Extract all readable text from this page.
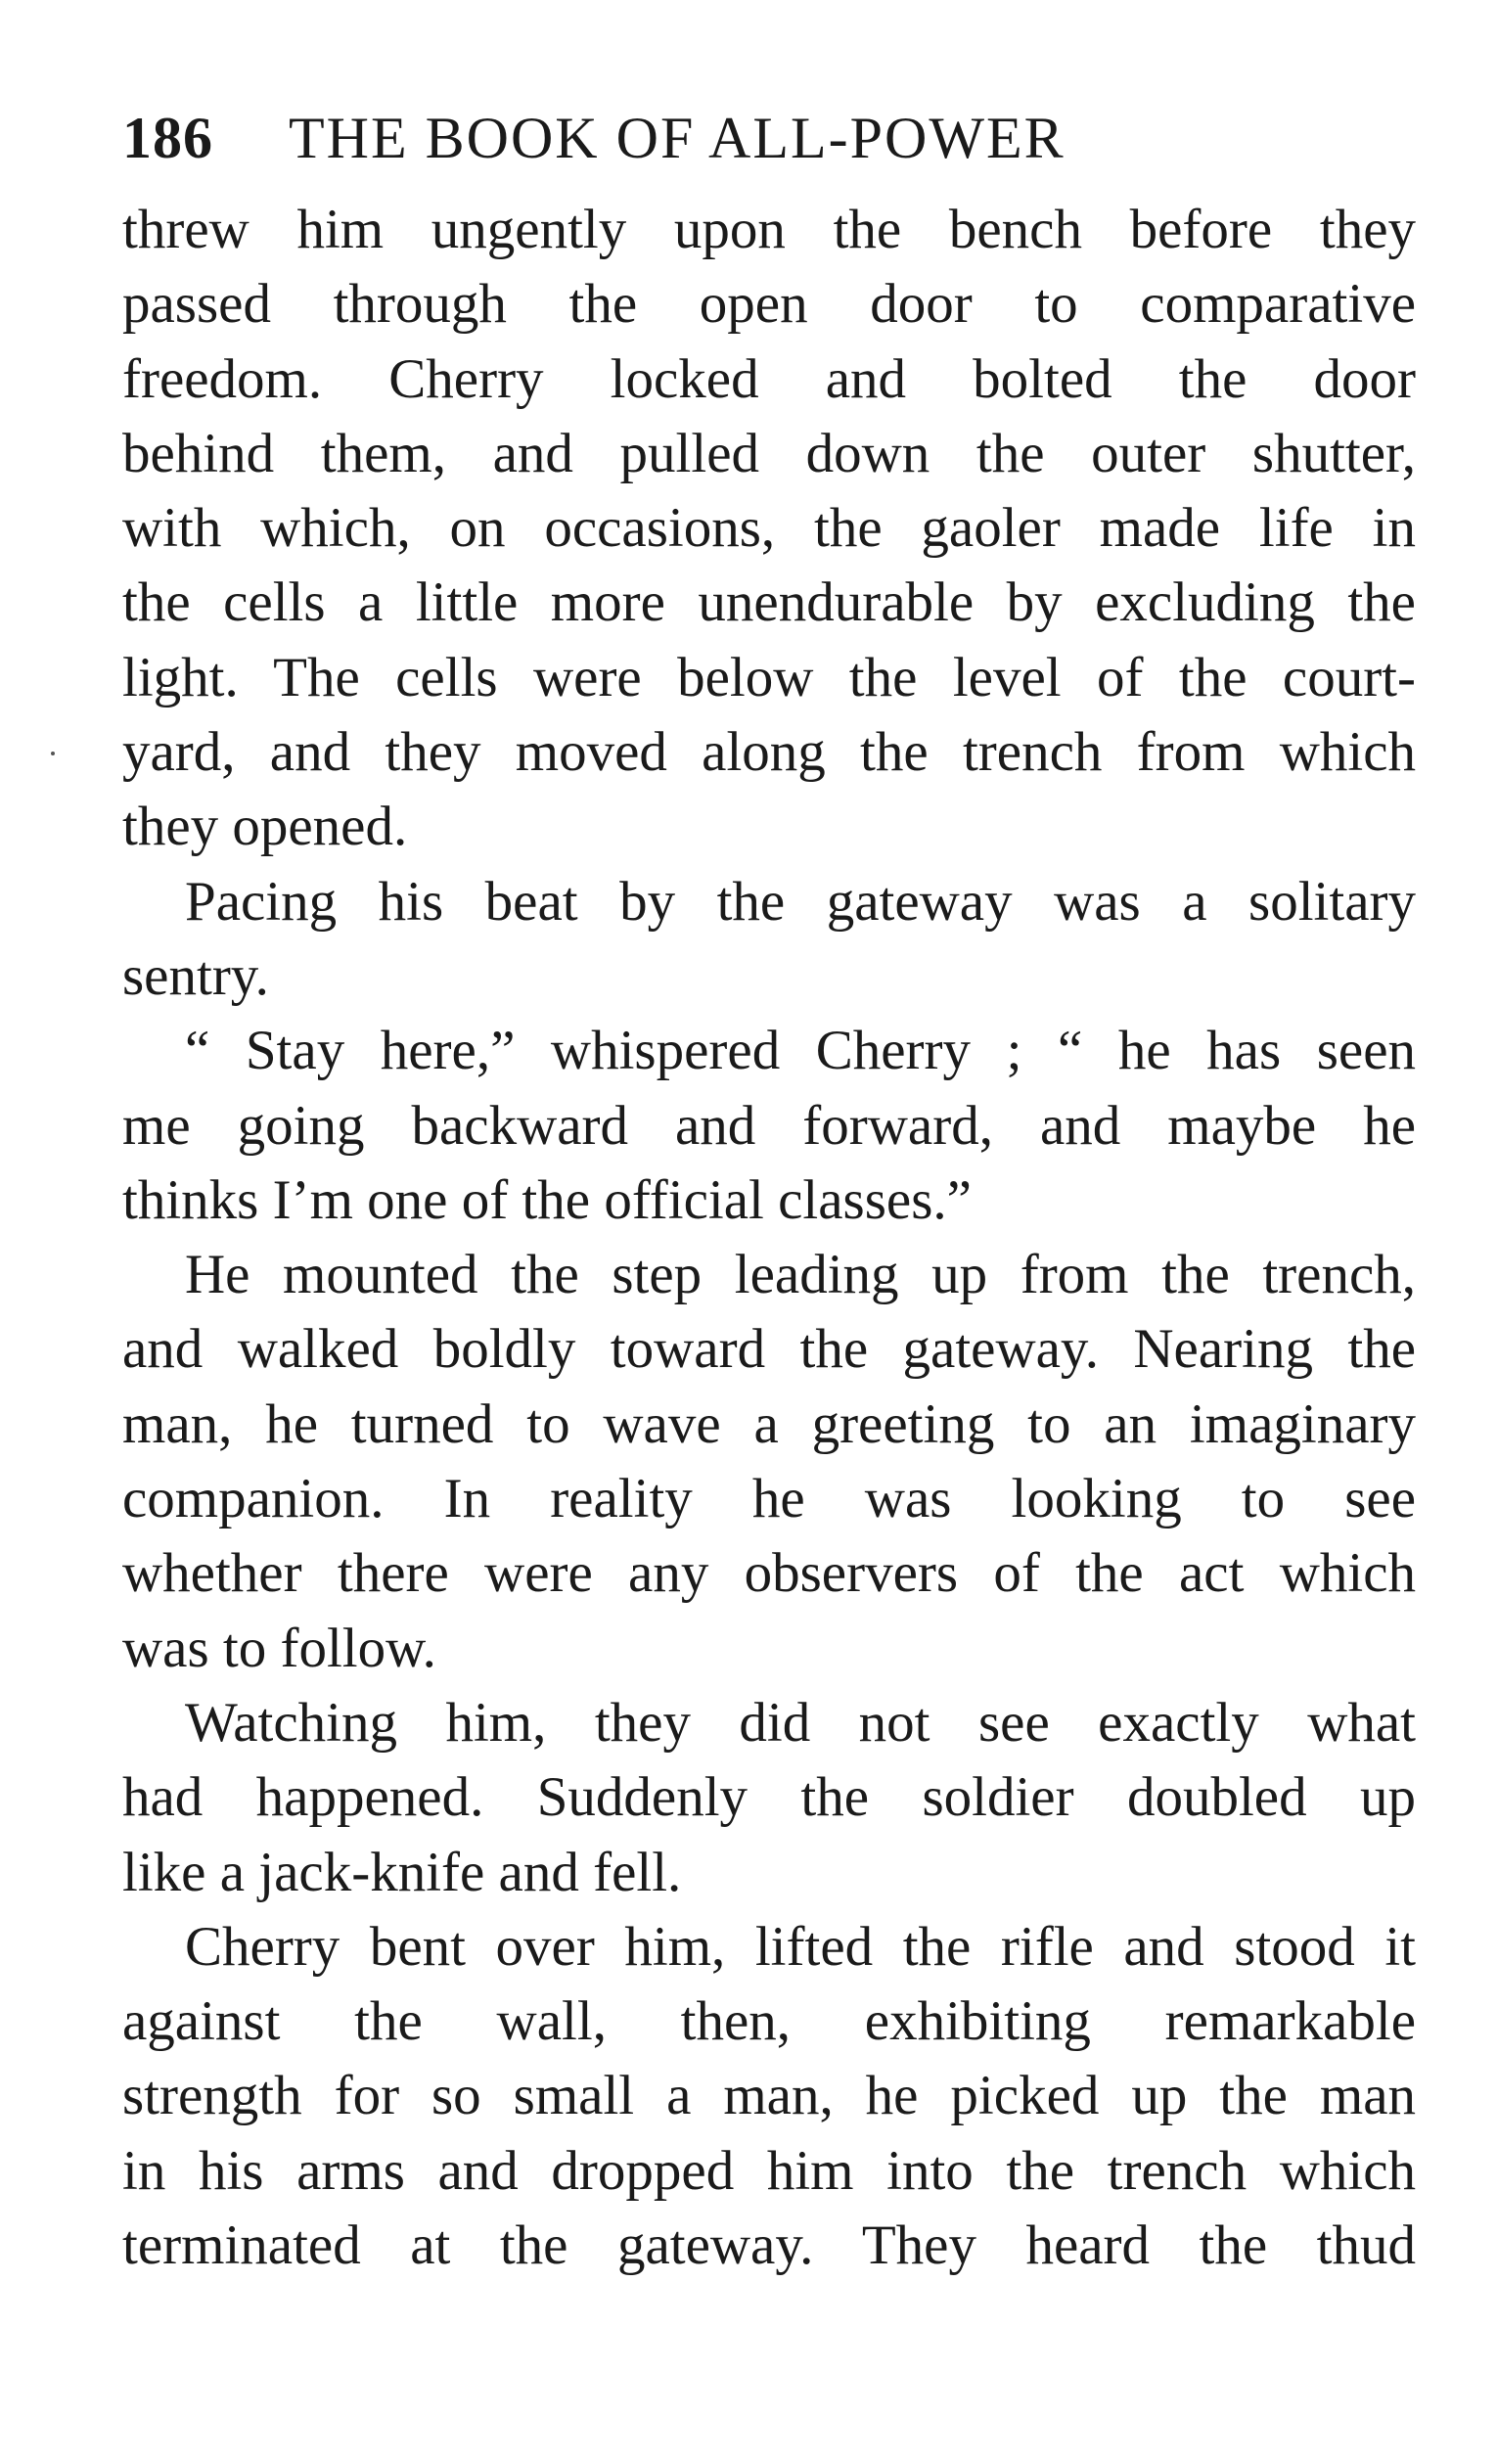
186	THE BOOK OF ALL-POWER
threw him ungently upon the bench before they
passed through the open door to comparative
freedom. Cherry locked and bolted the door
behind them, and pulled down the outer shutter,
with which, on occasions, the gaoler made life in
the cells a little more unendurable by excluding the
light. The cells were below the level of the court-
yard, and they moved along the trench from which
they opened.
Pacing his beat by the gateway was a solitary
sentry.
“ Stay here,” whispered Cherry ; “ he has seen
me going backward and forward, and maybe he
thinks I’m one of the official classes.”
He mounted the step leading up from the trench,
and walked boldly toward the gateway. Nearing the
man, he turned to wave a greeting to an imaginary
companion. In reality he was looking to see
whether there were any observers of the act which
was to follow.
Watching him, they did not see exactly what
had happened. Suddenly the soldier doubled up
like a jack-knife and fell.
Cherry bent over him, lifted the rifle and stood it
against the wall, then, exhibiting remarkable
strength for so small a man, he picked up the man
in his arms and dropped him into the trench which
terminated at the gateway. They heard the thud
